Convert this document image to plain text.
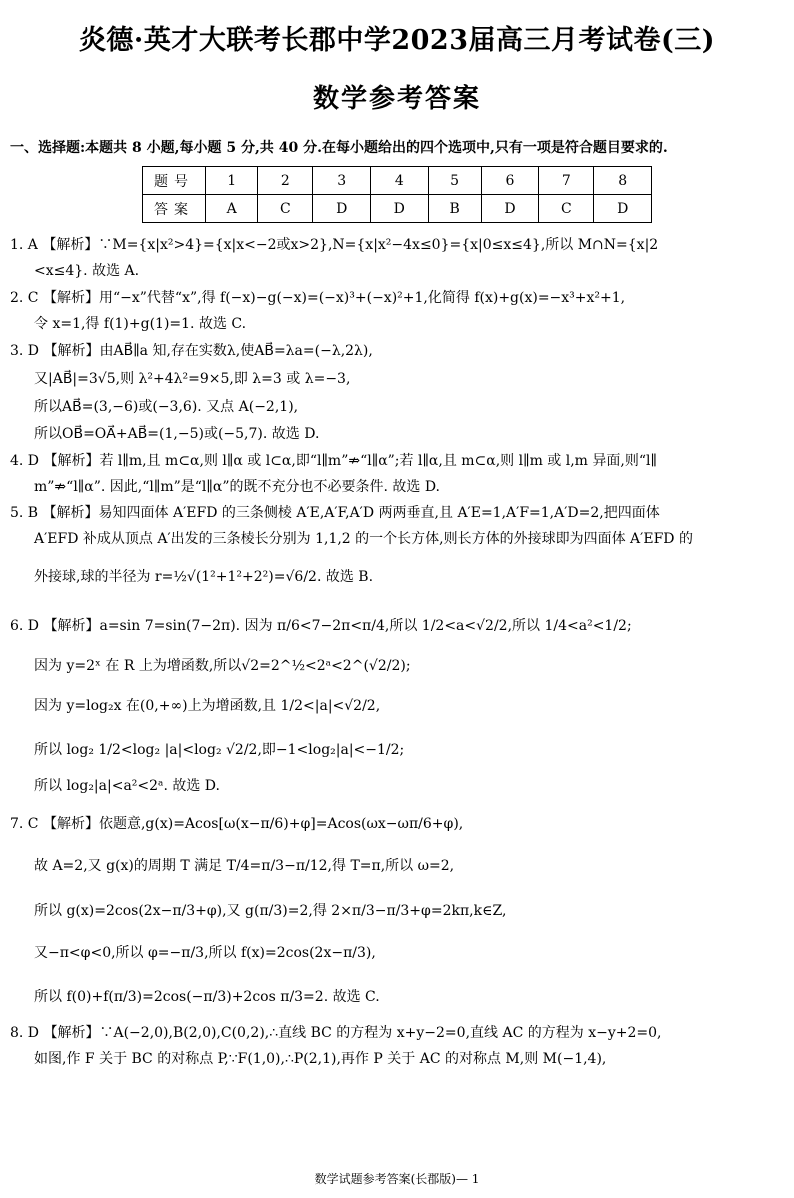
炎德·英才大联考长郡中学2023届高三月考试卷(三)
数学参考答案
一、选择题:本题共 8 小题,每小题 5 分,共 40 分.在每小题给出的四个选项中,只有一项是符合题目要求的.
题号	1	2	3	4	5	6	7	8
答案	A	C	D	D	B	D	C	D
1. A 【解析】∵M={x|x²>4}={x|x<−2或x>2},N={x|x²−4x≤0}={x|0≤x≤4},所以 M∩N={x|2
<x≤4}. 故选 A.
2. C 【解析】用“−x”代替“x”,得 f(−x)−g(−x)=(−x)³+(−x)²+1,化简得 f(x)+g(x)=−x³+x²+1,
令 x=1,得 f(1)+g(1)=1. 故选 C.
3. D 【解析】由AB⃗∥a 知,存在实数λ,使AB⃗=λa=(−λ,2λ),
又|AB⃗|=3√5,则 λ²+4λ²=9×5,即 λ=3 或 λ=−3,
所以AB⃗=(3,−6)或(−3,6). 又点 A(−2,1),
所以OB⃗=OA⃗+AB⃗=(1,−5)或(−5,7). 故选 D.
4. D 【解析】若 l∥m,且 m⊂α,则 l∥α 或 l⊂α,即“l∥m”⇏“l∥α”;若 l∥α,且 m⊂α,则 l∥m 或 l,m 异面,则“l∥
m”⇏“l∥α”. 因此,“l∥m”是“l∥α”的既不充分也不必要条件. 故选 D.
5. B 【解析】易知四面体 A′EFD 的三条侧棱 A′E,A′F,A′D 两两垂直,且 A′E=1,A′F=1,A′D=2,把四面体
A′EFD 补成从顶点 A′出发的三条棱长分别为 1,1,2 的一个长方体,则长方体的外接球即为四面体 A′EFD 的
外接球,球的半径为 r=½√(1²+1²+2²)=√6/2. 故选 B.
6. D 【解析】a=sin 7=sin(7−2π). 因为 π/6<7−2π<π/4,所以 1/2<a<√2/2,所以 1/4<a²<1/2;
因为 y=2ˣ 在 R 上为增函数,所以√2=2^½<2ᵃ<2^(√2/2);
因为 y=log₂x 在(0,+∞)上为增函数,且 1/2<|a|<√2/2,
所以 log₂ 1/2<log₂ |a|<log₂ √2/2,即−1<log₂|a|<−1/2;
所以 log₂|a|<a²<2ᵃ. 故选 D.
7. C 【解析】依题意,g(x)=Acos[ω(x−π/6)+φ]=Acos(ωx−ωπ/6+φ),
故 A=2,又 g(x)的周期 T 满足 T/4=π/3−π/12,得 T=π,所以 ω=2,
所以 g(x)=2cos(2x−π/3+φ),又 g(π/3)=2,得 2×π/3−π/3+φ=2kπ,k∈Z,
又−π<φ<0,所以 φ=−π/3,所以 f(x)=2cos(2x−π/3),
所以 f(0)+f(π/3)=2cos(−π/3)+2cos π/3=2. 故选 C.
8. D 【解析】∵A(−2,0),B(2,0),C(0,2),∴直线 BC 的方程为 x+y−2=0,直线 AC 的方程为 x−y+2=0,
如图,作 F 关于 BC 的对称点 P,∵F(1,0),∴P(2,1),再作 P 关于 AC 的对称点 M,则 M(−1,4),
数学试题参考答案(长郡版)— 1
